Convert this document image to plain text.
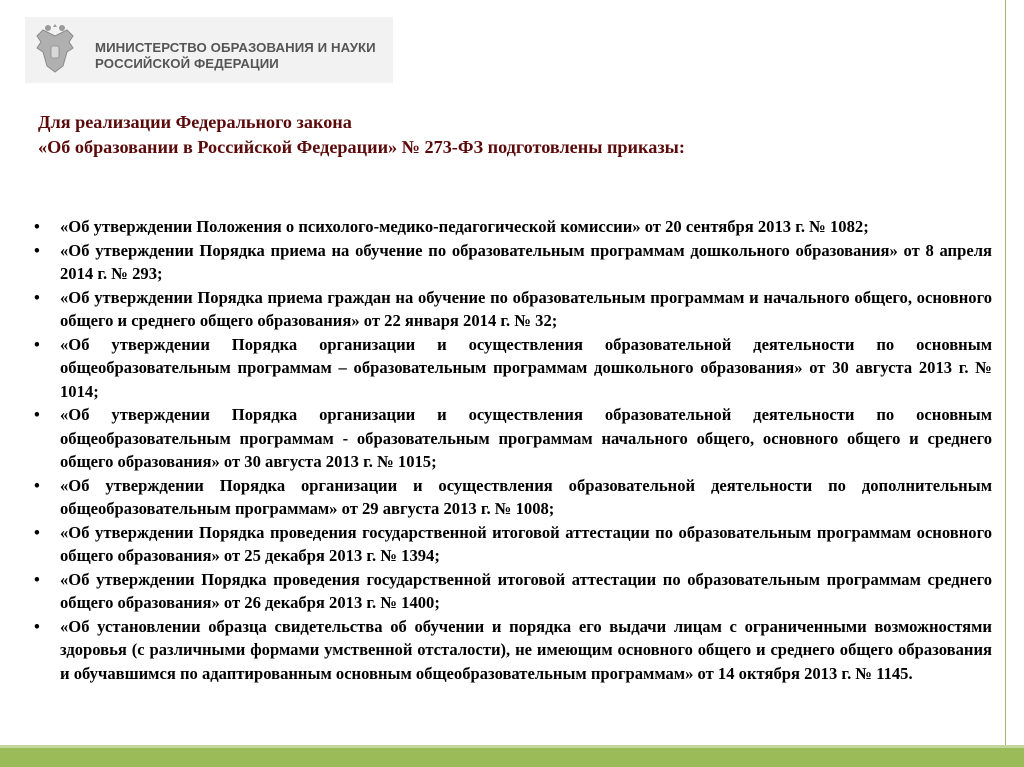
МИНИСТЕРСТВО ОБРАЗОВАНИЯ И НАУКИ
РОССИЙСКОЙ ФЕДЕРАЦИИ
Для реализации Федерального закона
«Об образовании в Российской Федерации» № 273-ФЗ подготовлены приказы:
• «Об утверждении Положения о психолого-медико-педагогической комиссии» от 20 сентября 2013 г. № 1082;
• «Об утверждении Порядка приема на обучение по образовательным программам дошкольного образования» от 8 апреля 2014 г. № 293;
• «Об утверждении Порядка приема граждан на обучение по образовательным программам и начального общего, основного общего и среднего общего образования» от 22 января 2014 г. № 32;
• «Об утверждении Порядка организации и осуществления образовательной деятельности по основным общеобразовательным программам – образовательным программам дошкольного образования» от 30 августа 2013 г. № 1014;
• «Об утверждении Порядка организации и осуществления образовательной деятельности по основным общеобразовательным программам - образовательным программам начального общего, основного общего и среднего общего образования» от 30 августа 2013 г. № 1015;
• «Об утверждении Порядка организации и осуществления образовательной деятельности по дополнительным общеобразовательным программам» от 29 августа 2013 г. № 1008;
• «Об утверждении Порядка проведения государственной итоговой аттестации по образовательным программам основного общего образования» от 25 декабря 2013 г. № 1394;
• «Об утверждении Порядка проведения государственной итоговой аттестации по образовательным программам среднего общего образования» от 26 декабря 2013 г. № 1400;
• «Об установлении образца свидетельства об обучении и порядка его выдачи лицам с ограниченными возможностями здоровья (с различными формами умственной отсталости), не имеющим основного общего и среднего общего образования и обучавшимся по адаптированным основным общеобразовательным программам» от 14 октября 2013 г. № 1145.
